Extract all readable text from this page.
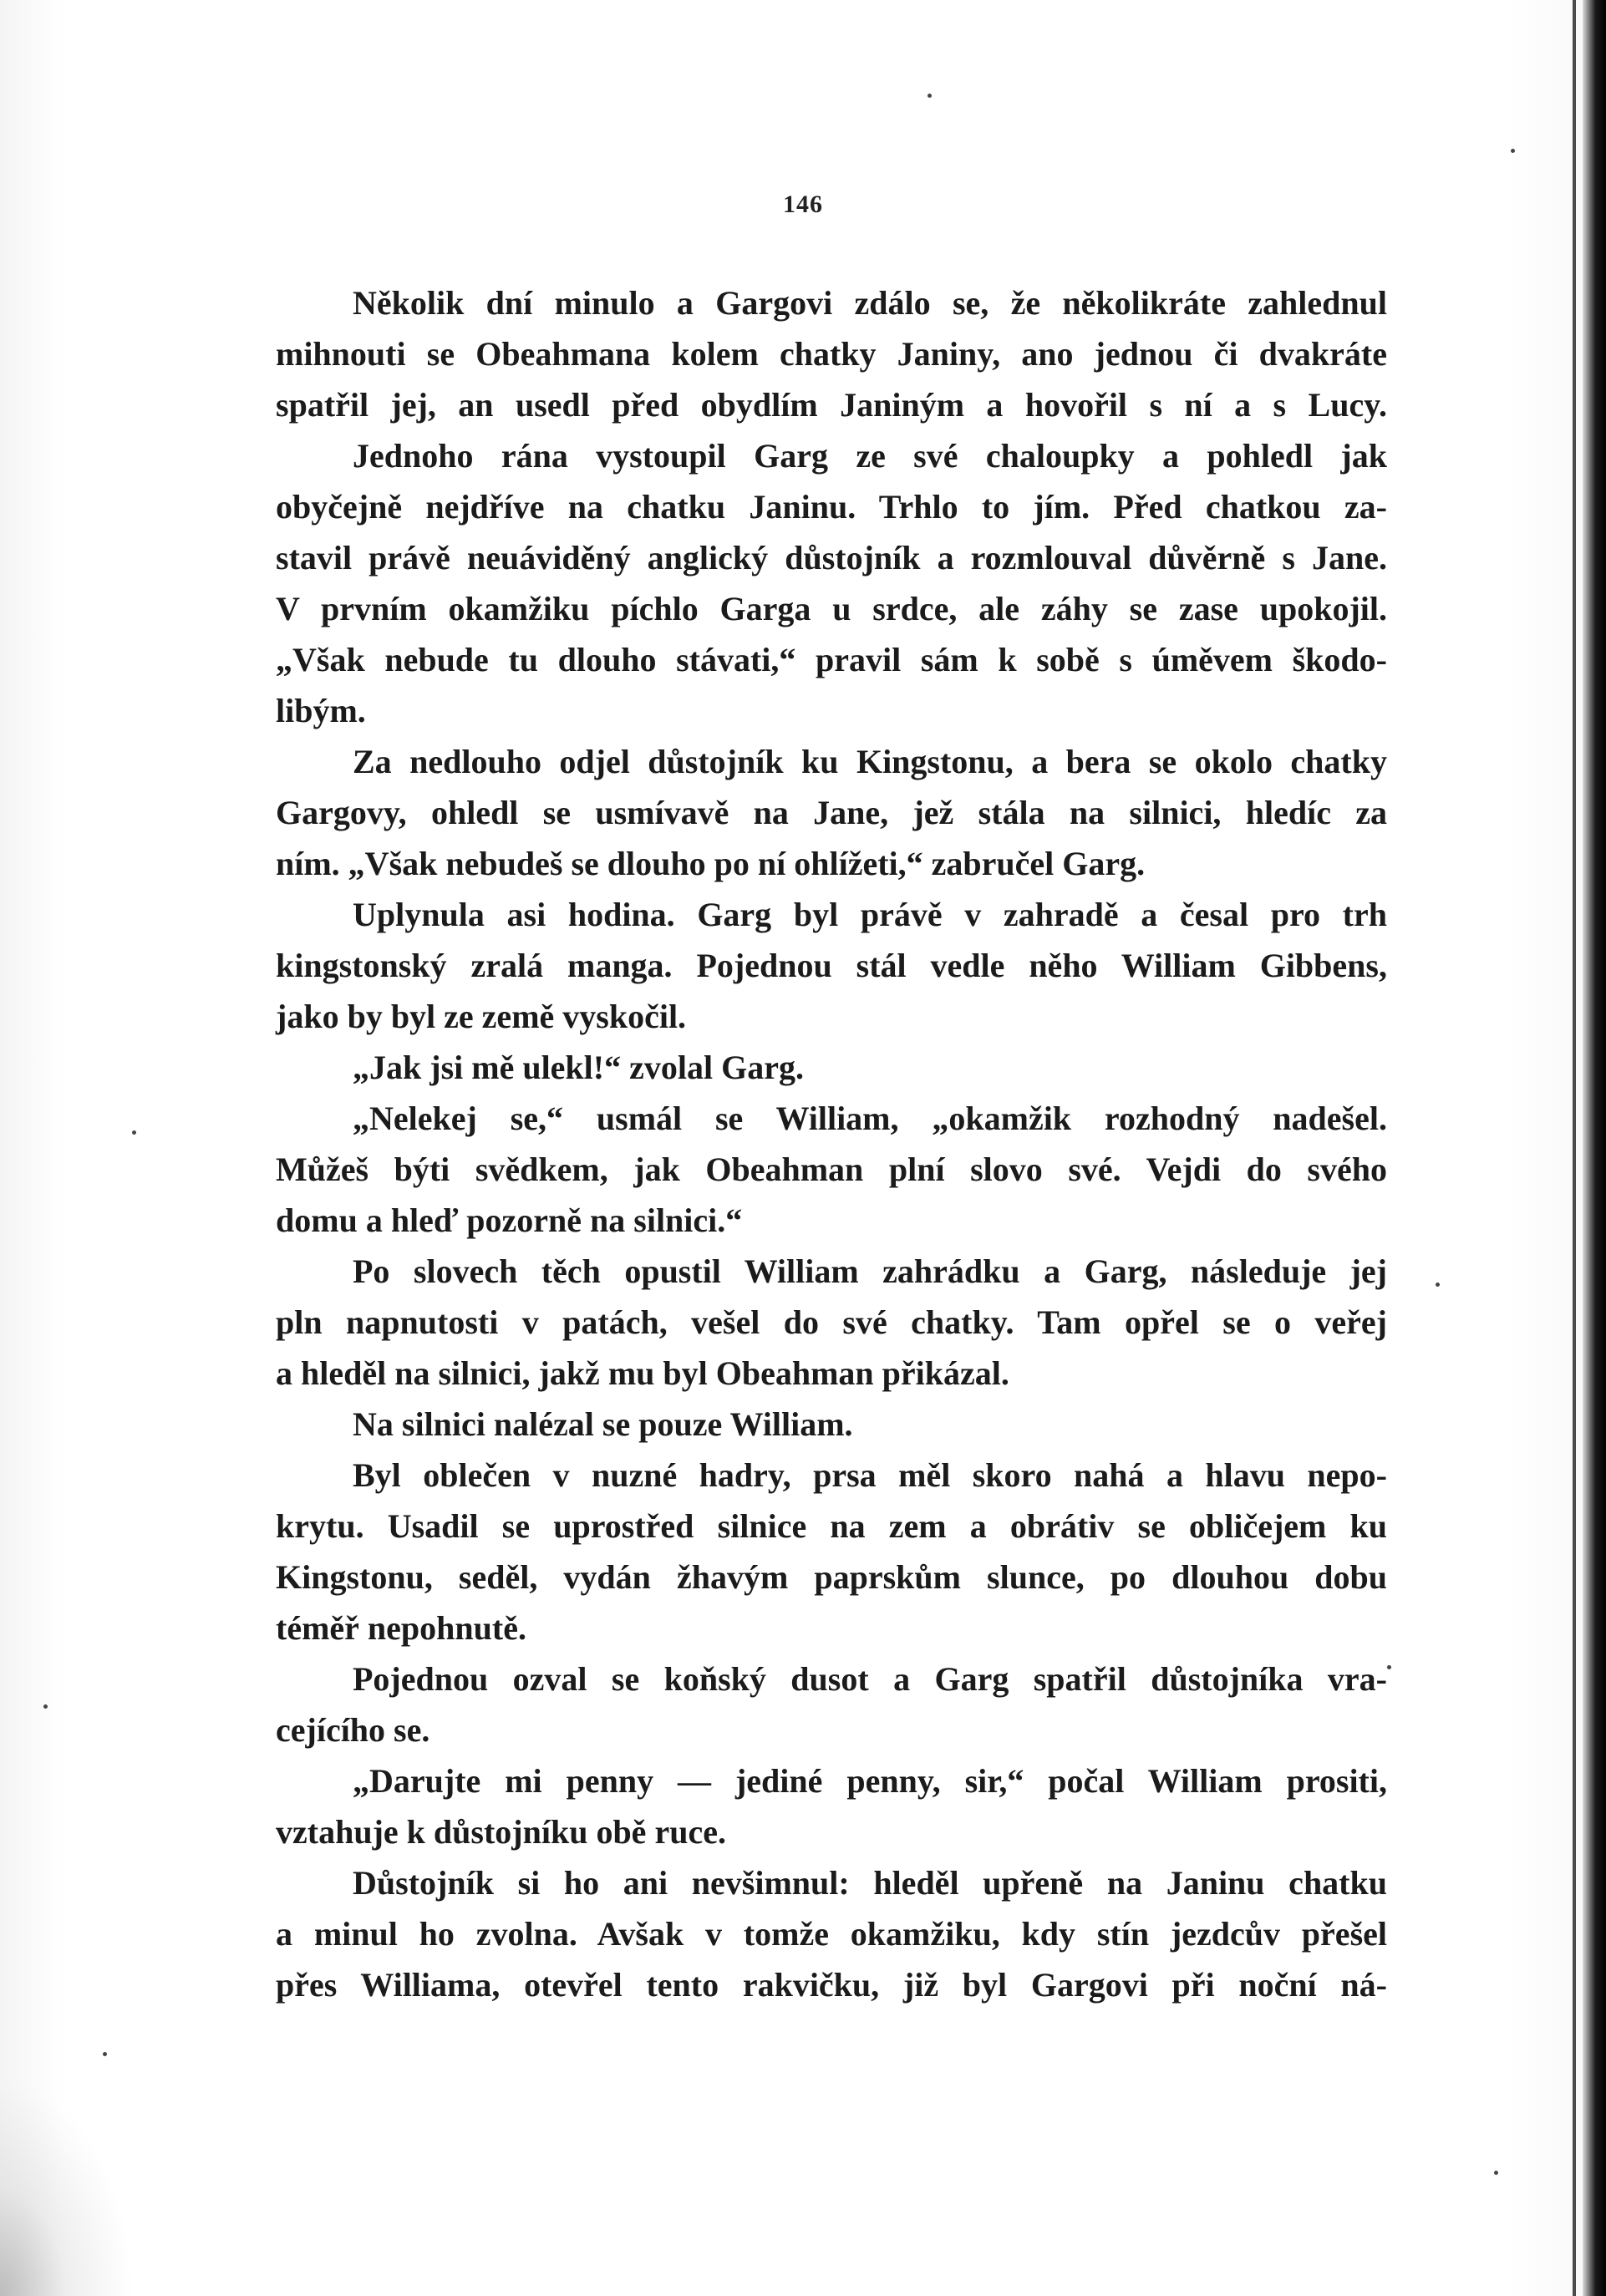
146
Několik dní minulo a Gargovi zdálo se, že několikráte zahlednul
mihnouti se Obeahmana kolem chatky Janiny, ano jednou či dvakráte
spatřil jej, an usedl před obydlím Janiným a hovořil s ní a s Lucy.
Jednoho rána vystoupil Garg ze své chaloupky a pohledl jak
obyčejně nejdříve na chatku Janinu. Trhlo to jím. Před chatkou za-
stavil právě neuáviděný anglický důstojník a rozmlouval důvěrně s Jane.
V prvním okamžiku píchlo Garga u srdce, ale záhy se zase upokojil.
„Však nebude tu dlouho stávati,“ pravil sám k sobě s úměvem škodo-
libým.
Za nedlouho odjel důstojník ku Kingstonu, a bera se okolo chatky
Gargovy, ohledl se usmívavě na Jane, jež stála na silnici, hledíc za
ním. „Však nebudeš se dlouho po ní ohlížeti,“ zabručel Garg.
Uplynula asi hodina. Garg byl právě v zahradě a česal pro trh
kingstonský zralá manga. Pojednou stál vedle něho William Gibbens,
jako by byl ze země vyskočil.
„Jak jsi mě ulekl!“ zvolal Garg.
„Nelekej se,“ usmál se William, „okamžik rozhodný nadešel.
Můžeš býti svědkem, jak Obeahman plní slovo své. Vejdi do svého
domu a hleď pozorně na silnici.“
Po slovech těch opustil William zahrádku a Garg, následuje jej
pln napnutosti v patách, vešel do své chatky. Tam opřel se o veřej
a hleděl na silnici, jakž mu byl Obeahman přikázal.
Na silnici nalézal se pouze William.
Byl oblečen v nuzné hadry, prsa měl skoro nahá a hlavu nepo-
krytu. Usadil se uprostřed silnice na zem a obrátiv se obličejem ku
Kingstonu, seděl, vydán žhavým paprskům slunce, po dlouhou dobu
téměř nepohnutě.
Pojednou ozval se koňský dusot a Garg spatřil důstojníka vra-
cejícího se.
„Darujte mi penny — jediné penny, sir,“ počal William prositi,
vztahuje k důstojníku obě ruce.
Důstojník si ho ani nevšimnul: hleděl upřeně na Janinu chatku
a minul ho zvolna. Avšak v tomže okamžiku, kdy stín jezdcův přešel
přes Williama, otevřel tento rakvičku, již byl Gargovi při noční ná-
